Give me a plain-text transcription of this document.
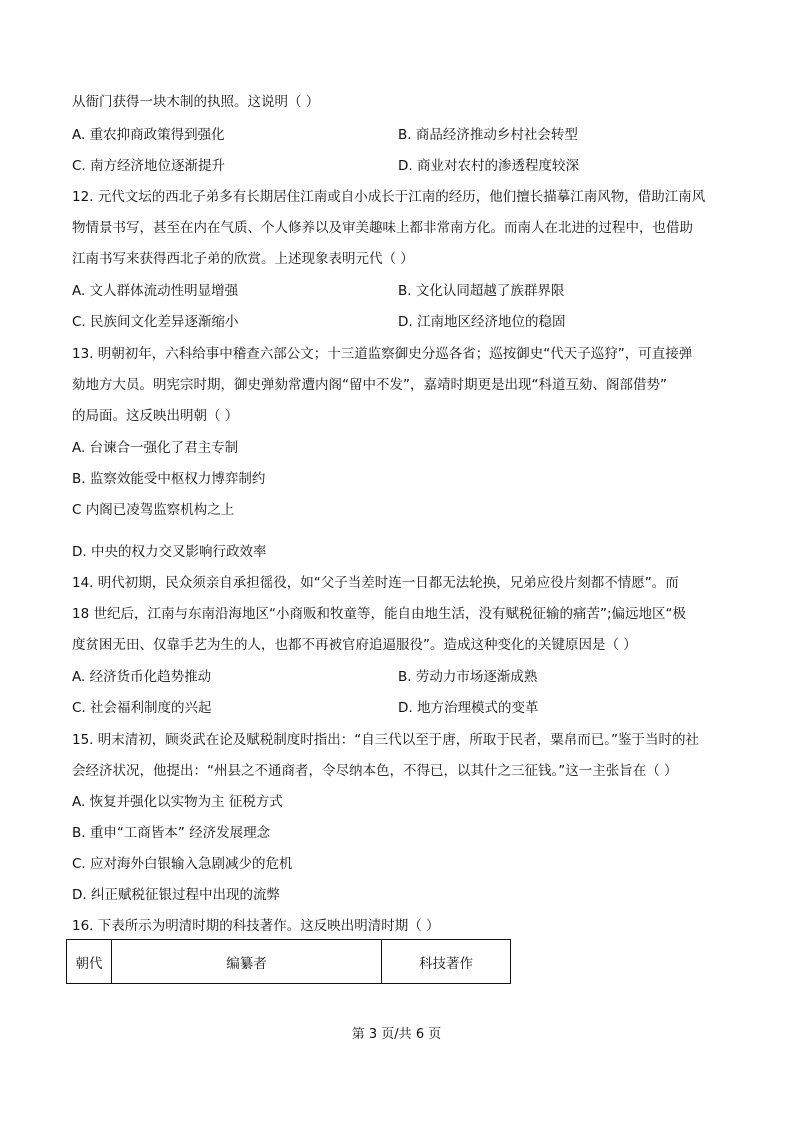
从衙门获得一块木制的执照。这说明（ ）
A. 重农抑商政策得到强化	B. 商品经济推动乡村社会转型
C. 南方经济地位逐渐提升	D. 商业对农村的渗透程度较深
12. 元代文坛的西北子弟多有长期居住江南或自小成长于江南的经历，他们擅长描摹江南风物，借助江南风
物情景书写，甚至在内在气质、个人修养以及审美趣味上都非常南方化。而南人在北进的过程中，也借助
江南书写来获得西北子弟的欣赏。上述现象表明元代（ ）
A. 文人群体流动性明显增强	B. 文化认同超越了族群界限
C. 民族间文化差异逐渐缩小	D. 江南地区经济地位的稳固
13. 明朝初年，六科给事中稽查六部公文；十三道监察御史分巡各省；巡按御史“代天子巡狩”，可直接弹
劾地方大员。明宪宗时期，御史弹劾常遭内阁“留中不发”，嘉靖时期更是出现“科道互劾、阁部借势”
的局面。这反映出明朝（ ）
A. 台谏合一强化了君主专制
B. 监察效能受中枢权力博弈制约
C 内阁已凌驾监察机构之上
D. 中央的权力交叉影响行政效率
14. 明代初期，民众须亲自承担徭役，如“父子当差时连一日都无法轮换，兄弟应役片刻都不情愿”。而
18 世纪后，江南与东南沿海地区“小商贩和牧童等，能自由地生活，没有赋税征输的痛苦”;偏远地区“极
度贫困无田、仅靠手艺为生的人，也都不再被官府追逼服役”。造成这种变化的关键原因是（ ）
A. 经济货币化趋势推动	B. 劳动力市场逐渐成熟
C. 社会福利制度的兴起	D. 地方治理模式的变革
15. 明末清初，顾炎武在论及赋税制度时指出：“自三代以至于唐，所取于民者，粟帛而已。”鉴于当时的社
会经济状况，他提出：“州县之不通商者，令尽纳本色，不得已，以其什之三征钱。”这一主张旨在（ ）
A. 恢复并强化以实物为主 征税方式
B. 重申“工商皆本” 经济发展理念
C. 应对海外白银输入急剧减少的危机
D. 纠正赋税征银过程中出现的流弊
16. 下表所示为明清时期的科技著作。这反映出明清时期（ ）
朝代	编纂者	科技著作
第 3 页/共 6 页
